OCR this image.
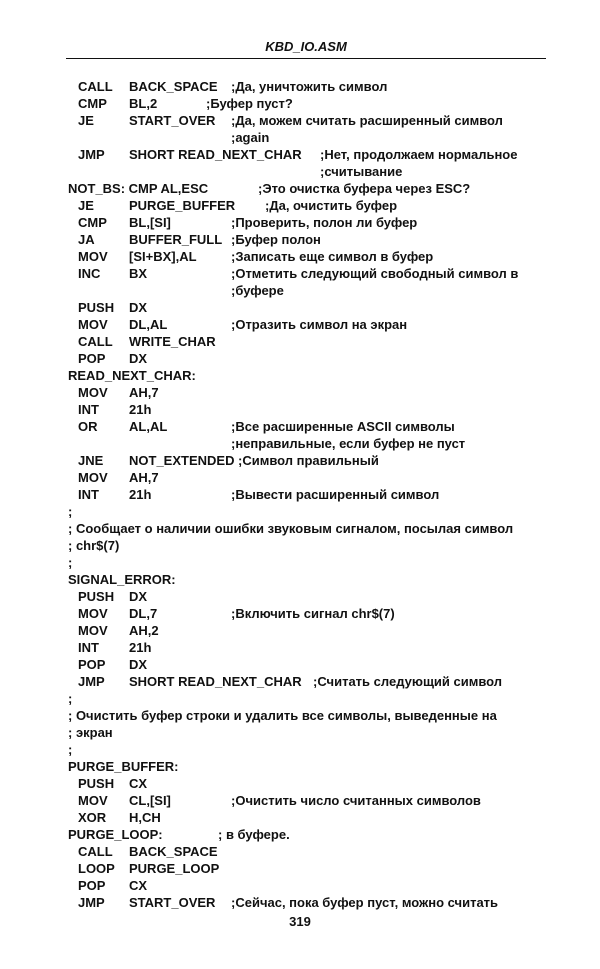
KBD_IO.ASM
CALL BACK_SPACE ;Да, уничтожить символ
CMP BL,2	;Буфер пуст?
JE	START_OVER ;Да, можем считать расширенный символ
;again
JMP SHORT READ_NEXT_CHAR ;Нет, продолжаем нормальное
;считывание
NOT_BS: CMP AL,ESC	;Это очистка буфера через ESC?
JE	PURGE_BUFFER ;Да, очистить буфер
CMP BL,[SI]	;Проверить, полон ли буфер
JA	BUFFER_FULL ;Буфер полон
MOV [SI+BX],AL	;Записать еще символ в буфер
INC BX	;Отметить следующий свободный символ в
;буфере
PUSH DX
MOV DL,AL	;Отразить символ на экран
CALL WRITE_CHAR
POP DX
READ_NEXT_CHAR:
MOV AH,7
INT 21h
OR AL,AL	;Все расширенные ASCII символы
;неправильные, если буфер не пуст
JNE NOT_EXTENDED ;Символ правильный
MOV AH,7
INT 21h	;Вывести расширенный символ
;
; Сообщает о наличии ошибки звуковым сигналом, посылая символ
; chr$(7)
;
SIGNAL_ERROR:
PUSH DX
MOV DL,7	;Включить сигнал chr$(7)
MOV AH,2
INT 21h
POP DX
JMP SHORT READ_NEXT_CHAR ;Считать следующий символ
;
; Очистить буфер строки и удалить все символы, выведенные на
; экран
;
PURGE_BUFFER:
PUSH CX
MOV CL,[SI]	;Очистить число считанных символов
XOR H,CH
PURGE_LOOP:	; в буфере.
CALL BACK_SPACE
LOOP PURGE_LOOP
POP CX
JMP START_OVER ;Сейчас, пока буфер пуст, можно считать
319
